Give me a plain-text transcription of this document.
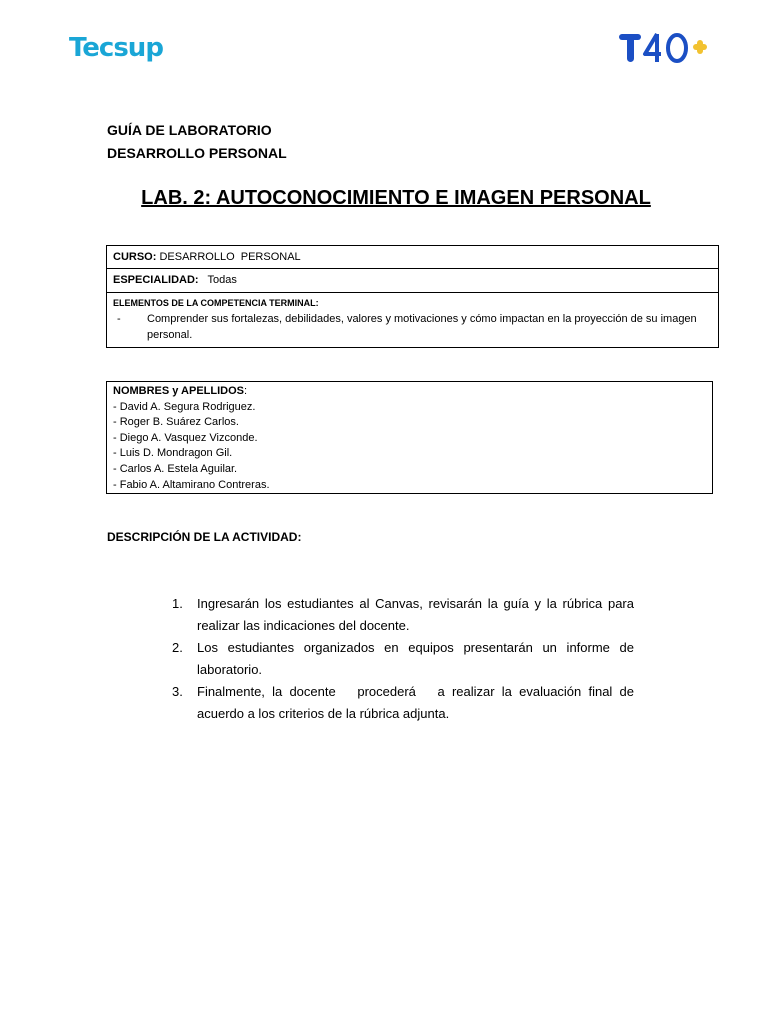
Tecsup
GUÍA DE LABORATORIO
DESARROLLO PERSONAL
LAB. 2: AUTOCONOCIMIENTO E IMAGEN PERSONAL
CURSO: DESARROLLO  PERSONAL
ESPECIALIDAD:   Todas
ELEMENTOS DE LA COMPETENCIA TERMINAL:
-	Comprender sus fortalezas, debilidades, valores y motivaciones y cómo impactan en la proyección de su imagen personal.
NOMBRES y APELLIDOS:
- David A. Segura Rodriguez.
- Roger B. Suárez Carlos.
- Diego A. Vasquez Vizconde.
- Luis D. Mondragon Gil.
- Carlos A. Estela Aguilar.
- Fabio A. Altamirano Contreras.
DESCRIPCIÓN DE LA ACTIVIDAD:
1.	Ingresarán los estudiantes al Canvas, revisarán la guía y la rúbrica para realizar las indicaciones del docente.
2.	Los estudiantes organizados en equipos presentarán un informe de laboratorio.
3.	Finalmente, la docente   procederá   a realizar la evaluación final de acuerdo a los criterios de la rúbrica adjunta.
